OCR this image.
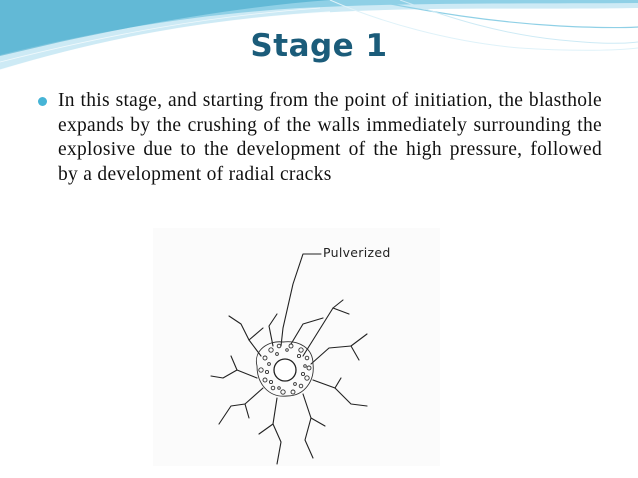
Stage 1
In this stage, and starting from the point of initiation, the blasthole expands by the crushing of the walls immediately surrounding the explosive due to the development of the high pressure, followed by a development of radial cracks
Pulverized
